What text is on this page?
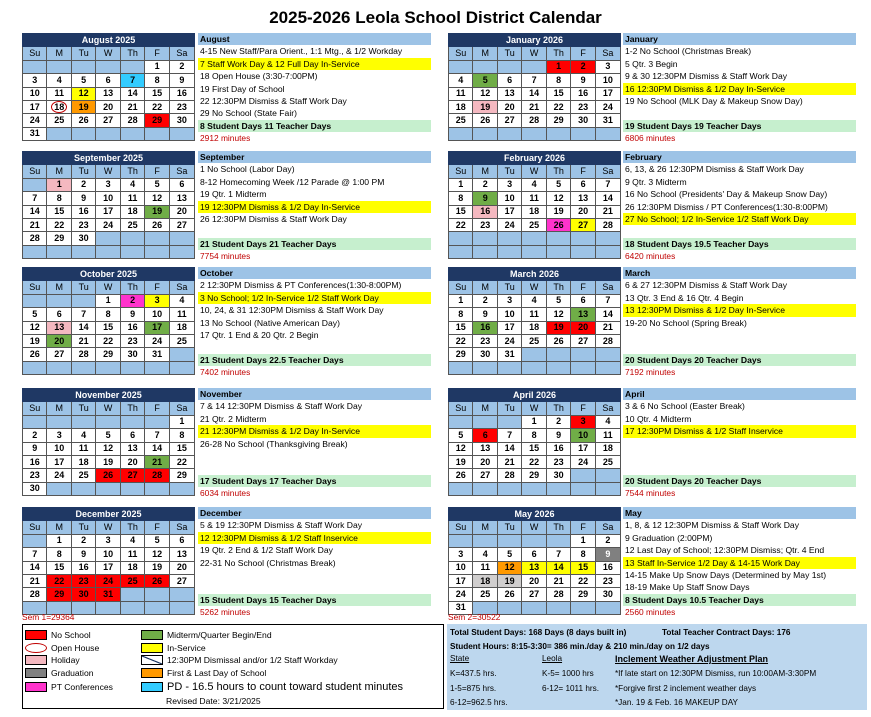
2025-2026 Leola School District Calendar
August 2025						
Su	M	Tu	W	Th	F	Sa
					1	2
3	4	5	6	7	8	9
10	11	12	13	14	15	16
17	18	19	20	21	22	23
24	25	26	27	28	29	30
31						
September 2025						
Su	M	Tu	W	Th	F	Sa
	1	2	3	4	5	6
7	8	9	10	11	12	13
14	15	16	17	18	19	20
21	22	23	24	25	26	27
28	29	30				

October 2025						
Su	M	Tu	W	Th	F	Sa
			1	2	3	4
5	6	7	8	9	10	11
12	13	14	15	16	17	18
19	20	21	22	23	24	25
26	27	28	29	30	31	

November 2025						
Su	M	Tu	W	Th	F	Sa
						1
2	3	4	5	6	7	8
9	10	11	12	13	14	15
16	17	18	19	20	21	22
23	24	25	26	27	28	29
30						
December 2025						
Su	M	Tu	W	Th	F	Sa
	1	2	3	4	5	6
7	8	9	10	11	12	13
14	15	16	17	18	19	20
21	22	23	24	25	26	27
28	29	30	31			

January 2026						
Su	M	Tu	W	Th	F	Sa
				1	2	3
4	5	6	7	8	9	10
11	12	13	14	15	16	17
18	19	20	21	22	23	24
25	26	27	28	29	30	31

February 2026						
Su	M	Tu	W	Th	F	Sa
1	2	3	4	5	6	7
8	9	10	11	12	13	14
15	16	17	18	19	20	21
22	23	24	25	26	27	28

March 2026						
Su	M	Tu	W	Th	F	Sa
1	2	3	4	5	6	7
8	9	10	11	12	13	14
15	16	17	18	19	20	21
22	23	24	25	26	27	28
29	30	31				

April 2026						
Su	M	Tu	W	Th	F	Sa
			1	2	3	4
5	6	7	8	9	10	11
12	13	14	15	16	17	18
19	20	21	22	23	24	25
26	27	28	29	30		

May 2026						
Su	M	Tu	W	Th	F	Sa
					1	2
3	4	5	6	7	8	9
10	11	12	13	14	15	16
17	18	19	20	21	22	23
24	25	26	27	28	29	30
31						
August
4-15 New Staff/Para Orient., 1:1 Mtg., & 1/2 Workday
7 Staff Work Day & 12 Full Day In-Service
18 Open House (3:30-7:00PM)
19 First Day of School
22 12:30PM Dismiss & Staff Work Day
29 No School (State Fair)
8 Student Days 11 Teacher Days
2912 minutes
September
1 No School (Labor Day)
8-12 Homecoming Week /12 Parade @ 1:00 PM
19 Qtr. 1 Midterm
19 12:30PM Dismiss & 1/2 Day In-Service
26 12:30PM Dismiss & Staff Work Day
21 Student Days 21 Teacher Days
7754 minutes
October
2 12:30PM Dismiss & PT Conferences(1:30-8:00PM)
3 No School; 1/2 In-Service 1/2 Staff Work Day
10, 24, & 31 12:30PM Dismiss & Staff Work Day
13 No School (Native American Day)
17 Qtr. 1 End & 20 Qtr. 2 Begin
21 Student Days 22.5 Teacher Days
7402 minutes
November
7 & 14 12:30PM Dismiss & Staff Work Day
21 Qtr. 2 Midterm
21 12:30PM Dismiss & 1/2 Day In-Service
26-28 No School (Thanksgiving Break)
17 Student Days 17 Teacher Days
6034 minutes
December
5 & 19 12:30PM Dismiss & Staff Work Day
12 12:30PM Dismiss & 1/2 Staff Inservice
19 Qtr. 2 End & 1/2 Staff Work Day
22-31 No School (Christmas Break)
15 Student Days 15 Teacher Days
5262 minutes
January
1-2 No School (Christmas Break)
5 Qtr. 3 Begin
9 & 30 12:30PM Dismiss & Staff Work Day
16 12:30PM Dismiss & 1/2 Day In-Service
19 No School (MLK Day & Makeup Snow Day)
19 Student Days 19 Teacher Days
6806 minutes
February
6, 13, & 26 12:30PM Dismiss & Staff Work Day
9 Qtr. 3 Midterm
16 No School (Presidents' Day & Makeup Snow Day)
26 12:30PM Dismiss / PT Conferences(1:30-8:00PM)
27 No School; 1/2 In-Service 1/2 Staff Work Day
18 Student Days 19.5 Teacher Days
6420 minutes
March
6 & 27 12:30PM Dismiss & Staff Work Day
13 Qtr. 3 End & 16 Qtr. 4 Begin
13 12:30PM Dismiss & 1/2 Day In-Service
19-20 No School (Spring Break)
20 Student Days 20 Teacher Days
7192 minutes
April
3 & 6 No School (Easter Break)
10 Qtr. 4 Midterm
17 12:30PM Dismiss & 1/2 Staff Inservice
20 Student Days 20 Teacher Days
7544 minutes
May
1, 8, & 12 12:30PM Dismiss & Staff Work Day
9 Graduation (2:00PM)
12 Last Day of School; 12:30PM Dismiss; Qtr. 4 End
13 Staff In-Service 1/2 Day & 14-15 Work Day
14-15 Make Up Snow Days (Determined by May 1st)
18-19 Make Up Staff Snow Days
8 Student Days 10.5 Teacher Days
2560 minutes
Sem 1=29364	Sem 2=30522
No School
Open House
Holiday
Graduation
PT Conferences
Midterm/Quarter Begin/End
In-Service
12:30PM Dismissal and/or 1/2 Staff Workday
First & Last Day of School
PD - 16.5 hours to count toward student minutes
Revised Date: 3/21/2025
Total Student Days: 168 Days (8 days built in)	Total Teacher Contract Days: 176
Student Hours: 8:15-3:30= 386 min./day & 210 min./day on 1/2 days
State	Leola
K=437.5 hrs.	K-5= 1000 hrs
1-5=875 hrs.	6-12= 1011 hrs.
6-12=962.5 hrs.
Inclement Weather Adjustment Plan
*If late start on 12:30PM Dismiss, run 10:00AM-3:30PM
*Forgive first 2 inclement weather days
*Jan. 19 & Feb. 16 MAKEUP DAY
